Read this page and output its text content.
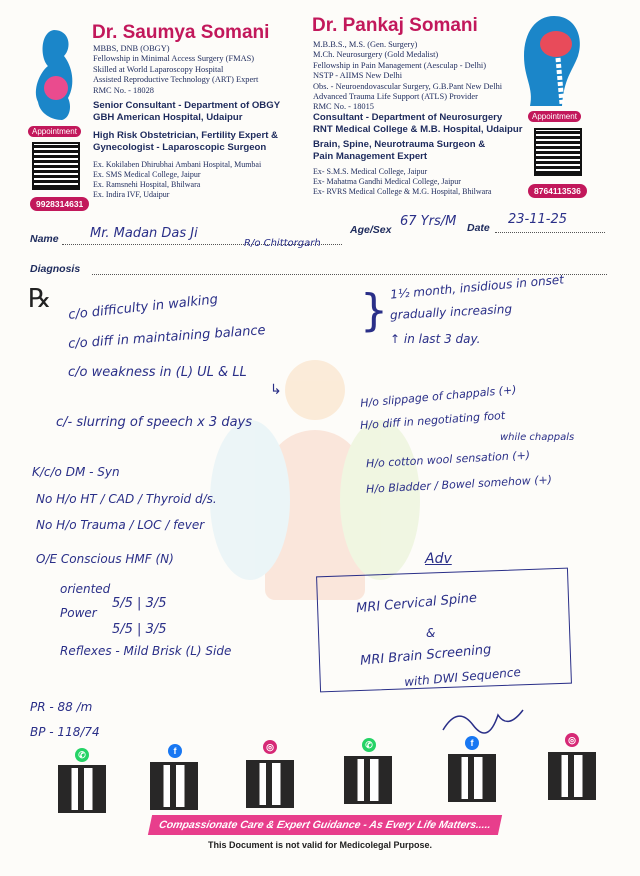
Dr. Saumya Somani
MBBS, DNB (OBGY)
Fellowship in Minimal Access Surgery (FMAS)
Skilled at World Laparoscopy Hospital
Assisted Reproductive Technology (ART) Expert
RMC No. - 18028
Senior Consultant - Department of OBGY
GBH American Hospital, Udaipur
High Risk Obstetrician, Fertility Expert &
Gynecologist - Laparoscopic Surgeon
Ex. Kokilaben Dhirubhai Ambani Hospital, Mumbai
Ex. SMS Medical College, Jaipur
Ex. Ramsnehi Hospital, Bhilwara
Ex. Indira IVF, Udaipur
Appointment
9928314631
Dr. Pankaj Somani
M.B.B.S., M.S. (Gen. Surgery)
M.Ch. Neurosurgery (Gold Medalist)
Fellowship in Pain Management (Aesculap - Delhi)
NSTP - AIIMS New Delhi
Obs. - Neuroendovascular Surgery, G.B.Pant New Delhi
Advanced Trauma Life Support (ATLS) Provider
RMC No. - 18015
Consultant - Department of Neurosurgery
RNT Medical College & M.B. Hospital, Udaipur
Brain, Spine, Neurotrauma Surgeon &
Pain Management Expert
Ex- S.M.S. Medical College, Jaipur
Ex- Mahatma Gandhi Medical College, Jaipur
Ex- RVRS Medical College & M.G. Hospital, Bhilwara
Appointment
8764113536
Name Mr. Madan Das Ji
R/o Chittorgarh
Age/Sex
67 Yrs/M Date
23-11-25
Diagnosis
℞ c/o difficulty in walking
c/o diff in maintaining balance
c/o weakness in (L) UL & LL
c/- slurring of speech x 3 days
} 1½ month, insidious in onset
gradually increasing
↑ in last 3 day.
↳	H/o slippage of chappals (+)
H/o diff in negotiating foot
while chappals
H/o cotton wool sensation (+)
H/o Bladder / Bowel somehow (+)
K/c/o DM - Syn
No H/o HT / CAD / Thyroid d/s.
No H/o Trauma / LOC / fever
O/E Conscious HMF (N)
oriented
Power
5/5 | 3/5
5/5 | 3/5
Reflexes - Mild Brisk (L) Side
PR - 88 /m
BP - 118/74
Adv
MRI Cervical Spine
&
MRI Brain Screening
with DWI Sequence
✆	f	◎	✆	f	◎
Compassionate Care & Expert Guidance - As Every Life Matters.....
This Document is not valid for Medicolegal Purpose.
